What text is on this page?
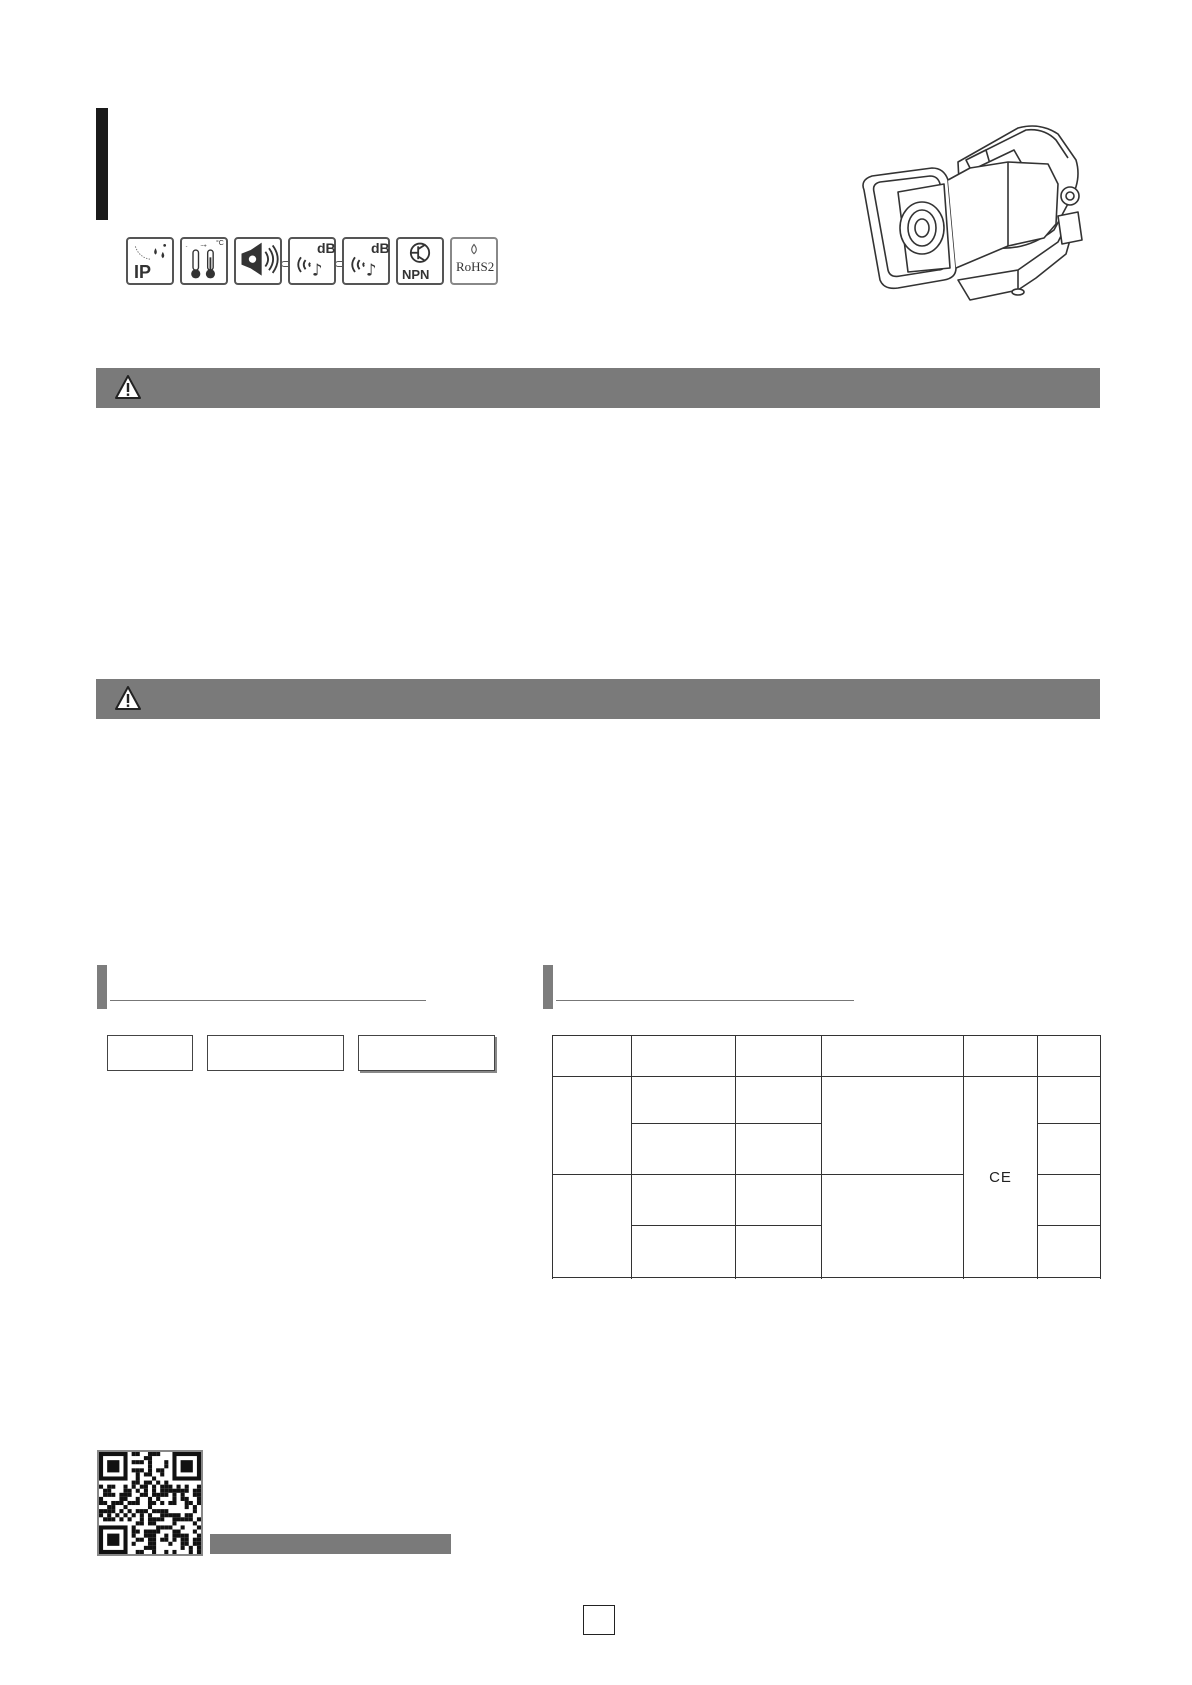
IP
- ~+ °C
♪
dB
♪
dB
NPN
RoHS2

				CE	
